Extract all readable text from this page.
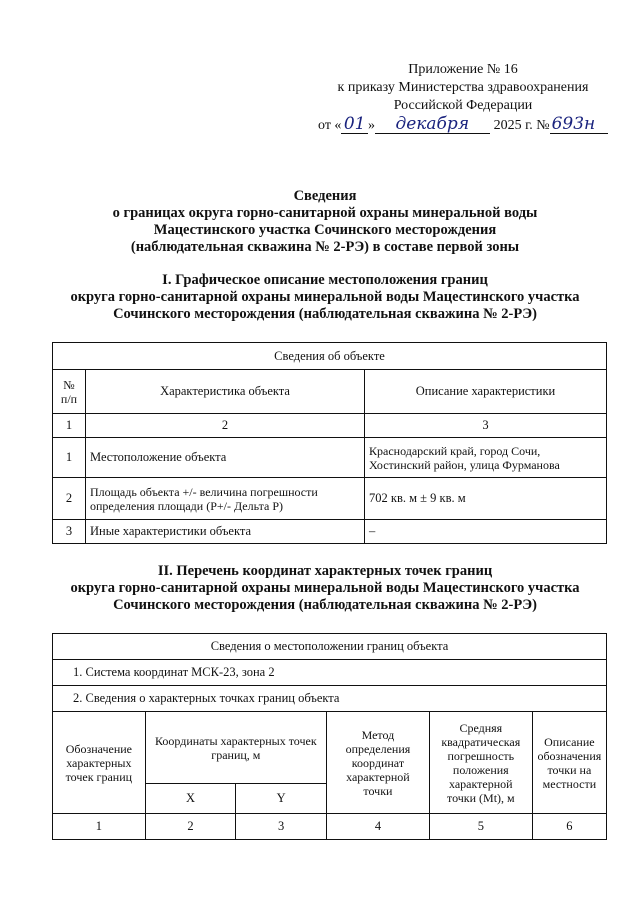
Приложение № 16
к приказу Министерства здравоохранения
Российской Федерации
от « 01 »	декабря	2025 г. № 693н
Сведения
о границах округа горно-санитарной охраны минеральной воды
Мацестинского участка Сочинского месторождения
(наблюдательная скважина № 2-РЭ) в составе первой зоны
I. Графическое описание местоположения границ
округа горно-санитарной охраны минеральной воды Мацестинского участка
Сочинского месторождения (наблюдательная скважина № 2-РЭ)
Сведения об объекте		
№ п/п	Характеристика объекта	Описание характеристики
1	2	3
1	Местоположение объекта	Краснодарский край, город Сочи, Хостинский район, улица Фурманова
2	Площадь объекта +/- величина погрешности определения площади (Р+/- Дельта Р)	702 кв. м ± 9 кв. м
3	Иные характеристики объекта	–
II. Перечень координат характерных точек границ
округа горно-санитарной охраны минеральной воды Мацестинского участка
Сочинского месторождения (наблюдательная скважина № 2-РЭ)
Сведения о местоположении границ объекта					
1. Система координат МСК-23, зона 2					
2. Сведения о характерных точках границ объекта					
Обозначение характерных точек границ	Координаты характерных точек границ, м		Метод определения координат характерной точки	Средняя квадратическая погрешность положения характерной точки (Mt), м	Описание обозначения точки на местности
	X	Y			
1	2	3	4	5	6
